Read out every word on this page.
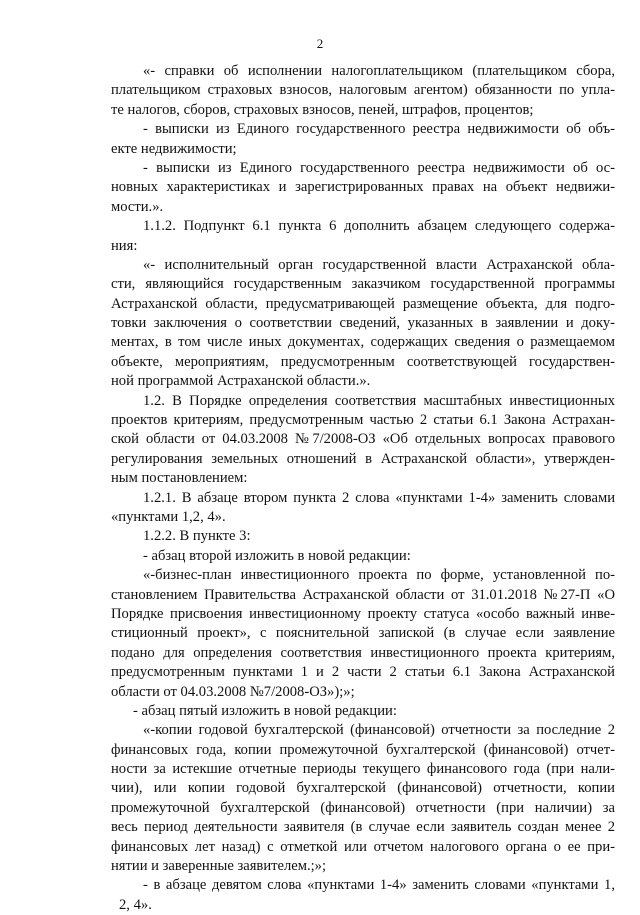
2
«- справки об исполнении налогоплательщиком (плательщиком сбора,
плательщиком страховых взносов, налоговым агентом) обязанности по упла-
те налогов, сборов, страховых взносов, пеней, штрафов, процентов;
- выписки из Единого государственного реестра недвижимости об объ-
екте недвижимости;
- выписки из Единого государственного реестра недвижимости об ос-
новных характеристиках и зарегистрированных правах на объект недвижи-
мости.».
1.1.2. Подпункт 6.1 пункта 6 дополнить абзацем следующего содержа-
ния:
«- исполнительный орган государственной власти Астраханской обла-
сти, являющийся государственным заказчиком государственной программы
Астраханской области, предусматривающей размещение объекта, для подго-
товки заключения о соответствии сведений, указанных в заявлении и доку-
ментах, в том числе иных документах, содержащих сведения о размещаемом
объекте, мероприятиям, предусмотренным соответствующей государствен-
ной программой Астраханской области.».
1.2. В Порядке определения соответствия масштабных инвестиционных
проектов критериям, предусмотренным частью 2 статьи 6.1 Закона Астрахан-
ской области от 04.03.2008 №7/2008-ОЗ «Об отдельных вопросах правового
регулирования земельных отношений в Астраханской области», утвержден-
ным постановлением:
1.2.1. В абзаце втором пункта 2 слова «пунктами 1-4» заменить словами
«пунктами 1,2, 4».
1.2.2. В пункте 3:
- абзац второй изложить в новой редакции:
«-бизнес-план инвестиционного проекта по форме, установленной по-
становлением Правительства Астраханской области от 31.01.2018 №27-П «О
Порядке присвоения инвестиционному проекту статуса «особо важный инве-
стиционный проект», с пояснительной запиской (в случае если заявление
подано для определения соответствия инвестиционного проекта критериям,
предусмотренным пунктами 1 и 2 части 2 статьи 6.1 Закона Астраханской
области от 04.03.2008 №7/2008-ОЗ»);»;
- абзац пятый изложить в новой редакции:
«-копии годовой бухгалтерской (финансовой) отчетности за последние 2
финансовых года, копии промежуточной бухгалтерской (финансовой) отчет-
ности за истекшие отчетные периоды текущего финансового года (при нали-
чии), или копии годовой бухгалтерской (финансовой) отчетности, копии
промежуточной бухгалтерской (финансовой) отчетности (при наличии) за
весь период деятельности заявителя (в случае если заявитель создан менее 2
финансовых лет назад) с отметкой или отчетом налогового органа о ее при-
нятии и заверенные заявителем.;»;
- в абзаце девятом слова «пунктами 1-4» заменить словами «пунктами 1,
2, 4».
